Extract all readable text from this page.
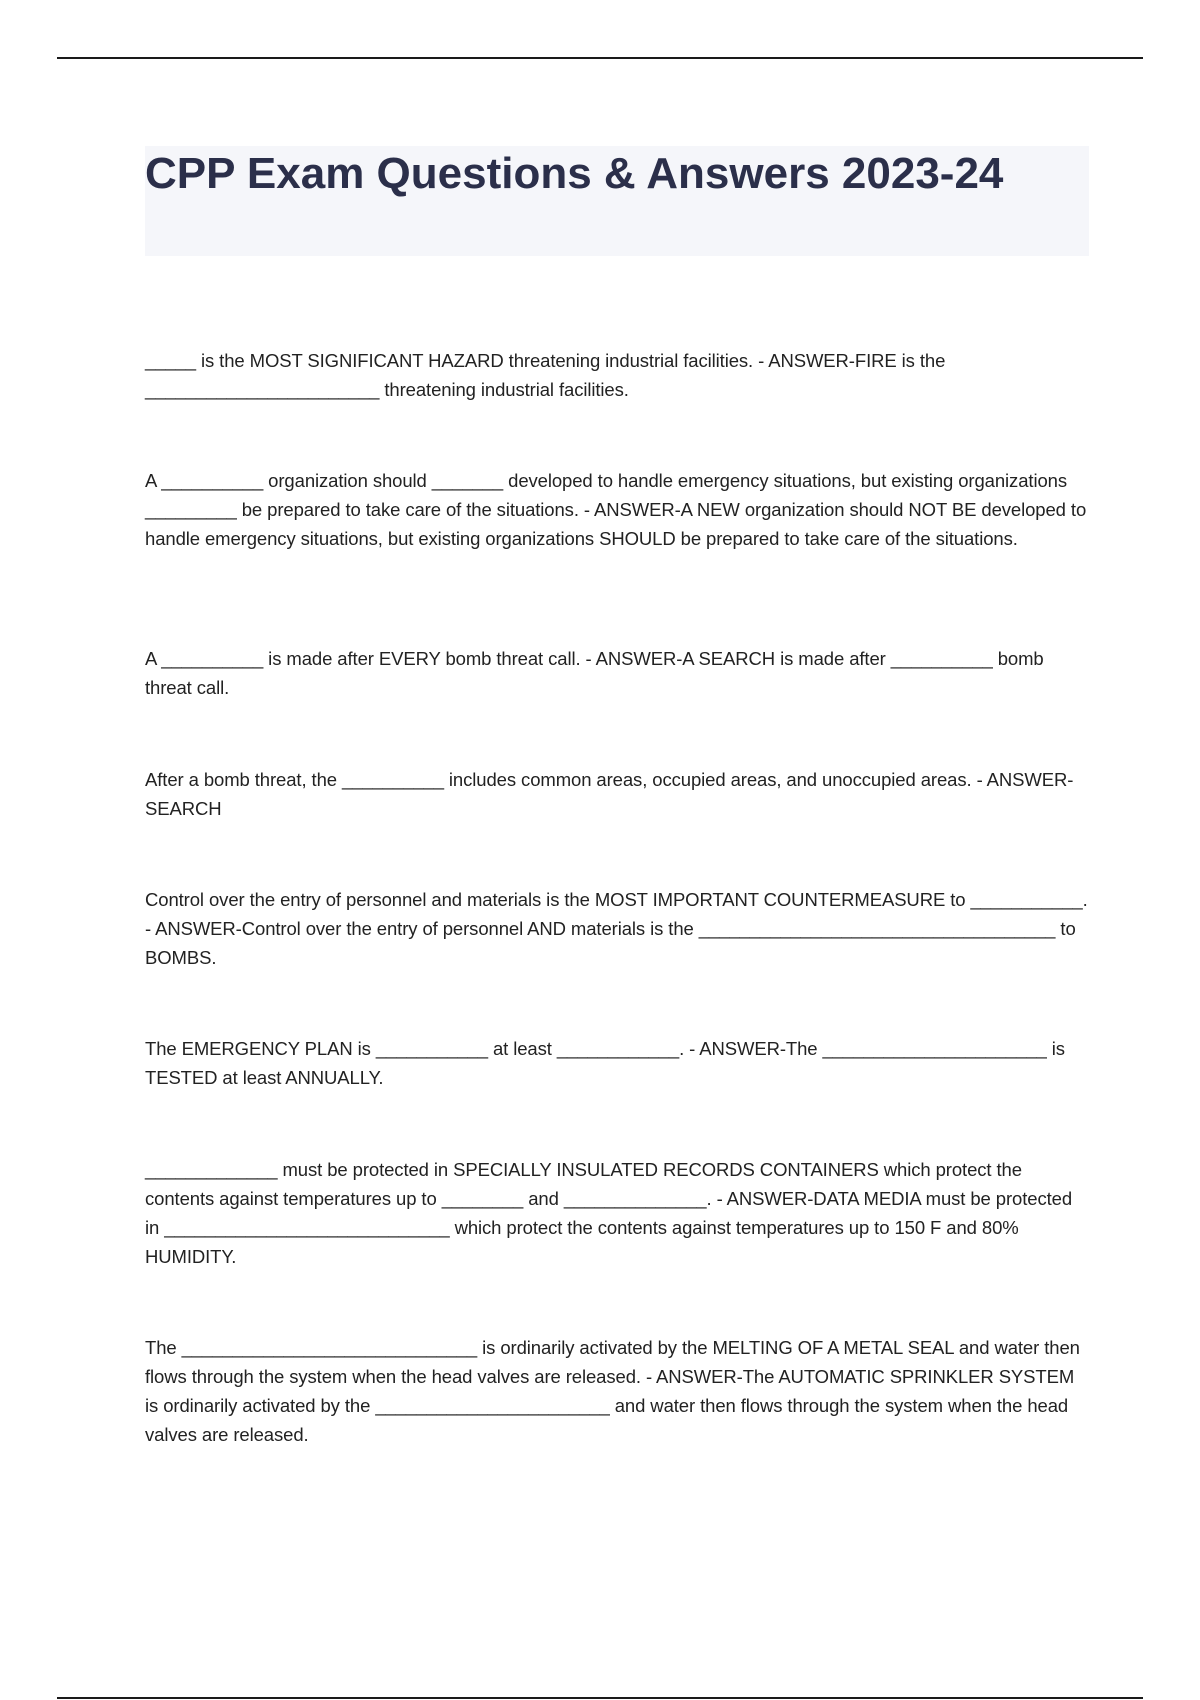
CPP Exam Questions & Answers 2023-24

_____ is the MOST SIGNIFICANT HAZARD threatening industrial facilities. - ANSWER-FIRE is the _______________________ threatening industrial facilities.

A __________ organization should _______ developed to handle emergency situations, but existing organizations _________ be prepared to take care of the situations. - ANSWER-A NEW organization should NOT BE developed to handle emergency situations, but existing organizations SHOULD be prepared to take care of the situations.

A __________ is made after EVERY bomb threat call. - ANSWER-A SEARCH is made after __________ bomb threat call.

After a bomb threat, the __________ includes common areas, occupied areas, and unoccupied areas. - ANSWER-SEARCH

Control over the entry of personnel and materials is the MOST IMPORTANT COUNTERMEASURE to ___________. - ANSWER-Control over the entry of personnel AND materials is the ___________________________________ to BOMBS.

The EMERGENCY PLAN is ___________ at least ____________. - ANSWER-The ______________________ is TESTED at least ANNUALLY.

_____________ must be protected in SPECIALLY INSULATED RECORDS CONTAINERS which protect the contents against temperatures up to ________ and ______________. - ANSWER-DATA MEDIA must be protected in ____________________________ which protect the contents against temperatures up to 150 F and 80% HUMIDITY.

The _____________________________ is ordinarily activated by the MELTING OF A METAL SEAL and water then flows through the system when the head valves are released. - ANSWER-The AUTOMATIC SPRINKLER SYSTEM is ordinarily activated by the _______________________ and water then flows through the system when the head valves are released.
